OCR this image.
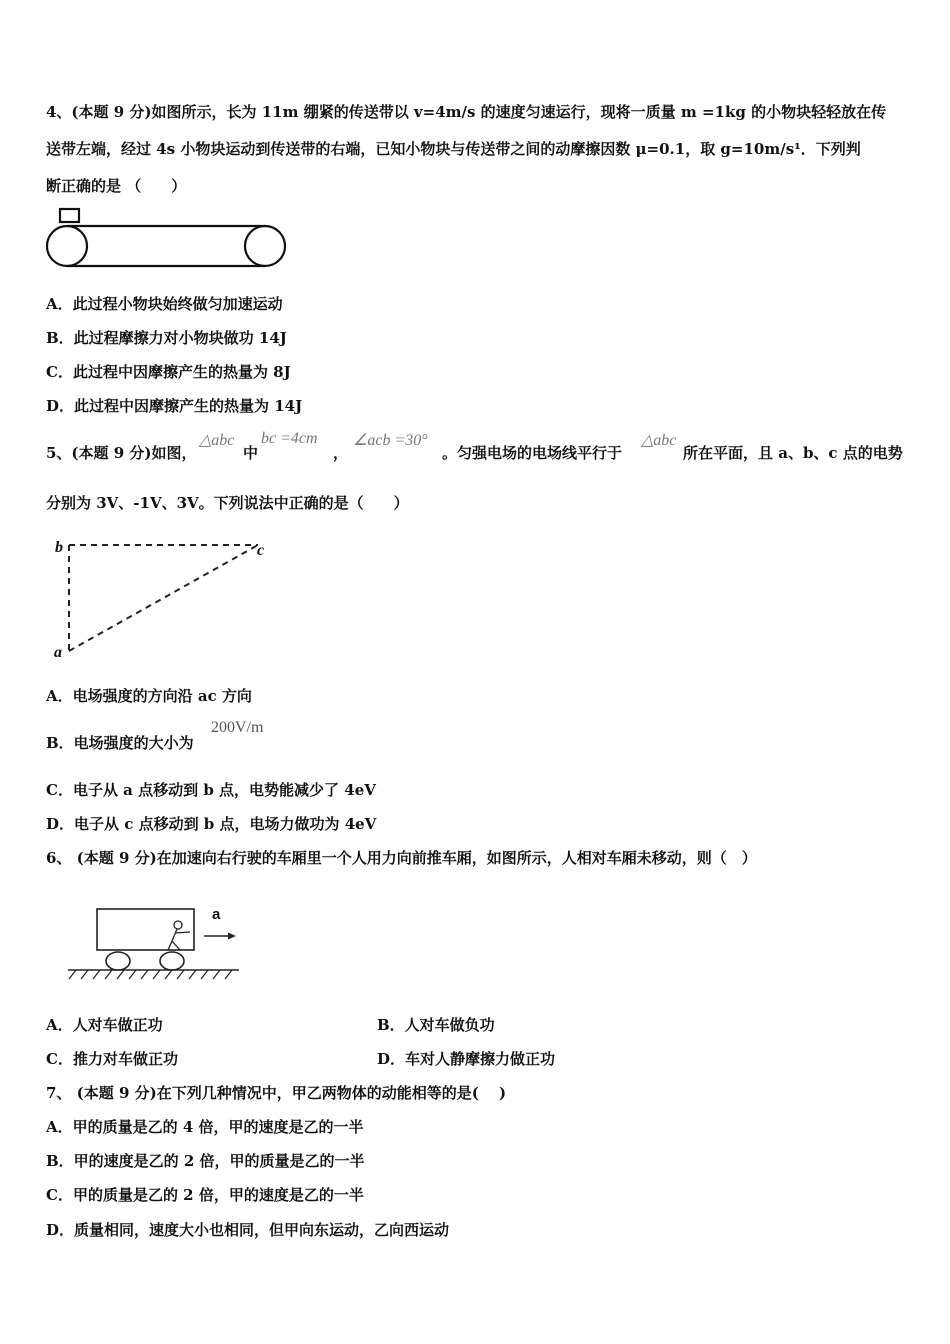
4、(本题 9 分)如图所示，长为 11m 绷紧的传送带以 v=4m/s 的速度匀速运行，现将一质量 m =1kg 的小物块轻轻放在传
送带左端，经过 4s 小物块运动到传送带的右端，已知小物块与传送带之间的动摩擦因数 μ=0.1，取 g=10m/s¹．下列判
断正确的是 （　　）
A．此过程小物块始终做匀加速运动
B．此过程摩擦力对小物块做功 14J
C．此过程中因摩擦产生的热量为 8J
D．此过程中因摩擦产生的热量为 14J
5、(本题 9 分)如图，
△abc
中
bc =4cm
，
∠acb =30°
。匀强电场的电场线平行于
△abc
所在平面，且 a、b、c 点的电势
分别为 3V、-1V、3V。下列说法中正确的是（　　）
b	c
a
A．电场强度的方向沿 ac 方向
B．电场强度的大小为
200V/m
C．电子从 a 点移动到 b 点，电势能减少了 4eV
D．电子从 c 点移动到 b 点，电场力做功为 4eV
6、 (本题 9 分)在加速向右行驶的车厢里一个人用力向前推车厢，如图所示，人相对车厢未移动，则（　）
a
A．人对车做正功	B．人对车做负功
C．推力对车做正功	D．车对人静摩擦力做正功
7、 (本题 9 分)在下列几种情况中，甲乙两物体的动能相等的是(　 )
A．甲的质量是乙的 4 倍，甲的速度是乙的一半
B．甲的速度是乙的 2 倍，甲的质量是乙的一半
C．甲的质量是乙的 2 倍，甲的速度是乙的一半
D．质量相同，速度大小也相同，但甲向东运动，乙向西运动
